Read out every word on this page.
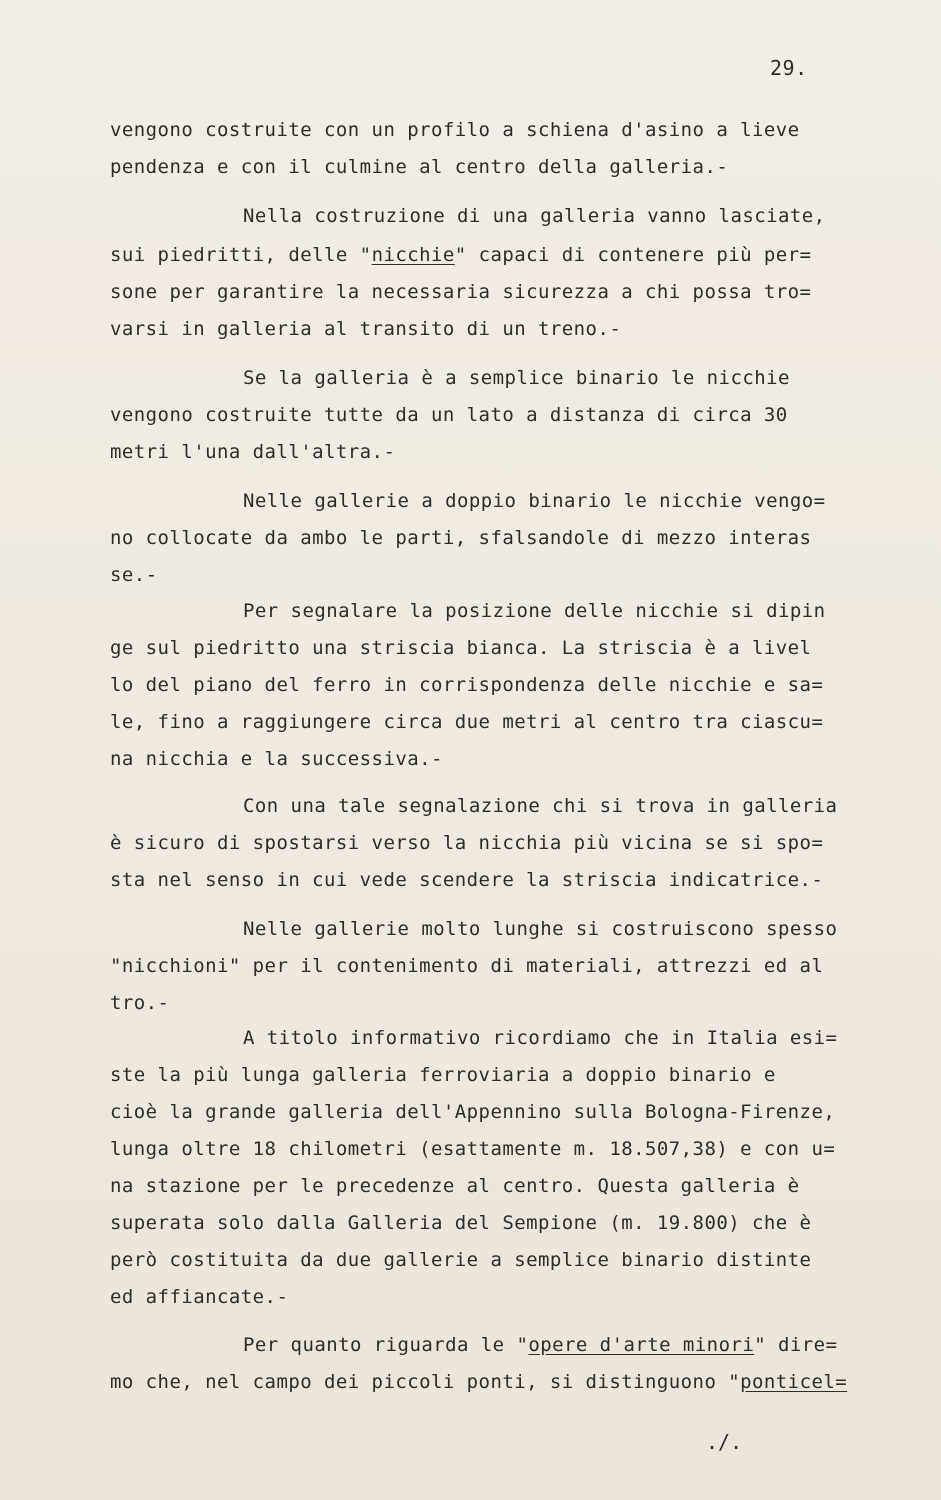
29.
vengono costruite con un profilo a schiena d'asino a lieve
pendenza e con il culmine al centro della galleria.-
Nella costruzione di una galleria vanno lasciate,
sui piedritti, delle "nicchie" capaci di contenere più per=
sone per garantire la necessaria sicurezza a chi possa tro=
varsi in galleria al transito di un treno.-
Se la galleria è a semplice binario le nicchie
vengono costruite tutte da un lato a distanza di circa 30
metri l'una dall'altra.-
Nelle gallerie a doppio binario le nicchie vengo=
no collocate da ambo le parti, sfalsandole di mezzo interas
se.-
Per segnalare la posizione delle nicchie si dipin
ge sul piedritto una striscia bianca. La striscia è a livel
lo del piano del ferro in corrispondenza delle nicchie e sa=
le, fino a raggiungere circa due metri al centro tra ciascu=
na nicchia e la successiva.-
Con una tale segnalazione chi si trova in galleria
è sicuro di spostarsi verso la nicchia più vicina se si spo=
sta nel senso in cui vede scendere la striscia indicatrice.-
Nelle gallerie molto lunghe si costruiscono spesso
"nicchioni" per il contenimento di materiali, attrezzi ed al
tro.-
A titolo informativo ricordiamo che in Italia esi=
ste la più lunga galleria ferroviaria a doppio binario e
cioè la grande galleria dell'Appennino sulla Bologna-Firenze,
lunga oltre 18 chilometri (esattamente m. 18.507,38) e con u=
na stazione per le precedenze al centro. Questa galleria è
superata solo dalla Galleria del Sempione (m. 19.800) che è
però costituita da due gallerie a semplice binario distinte
ed affiancate.-
Per quanto riguarda le "opere d'arte minori" dire=
mo che, nel campo dei piccoli ponti, si distinguono "ponticel=
./.
